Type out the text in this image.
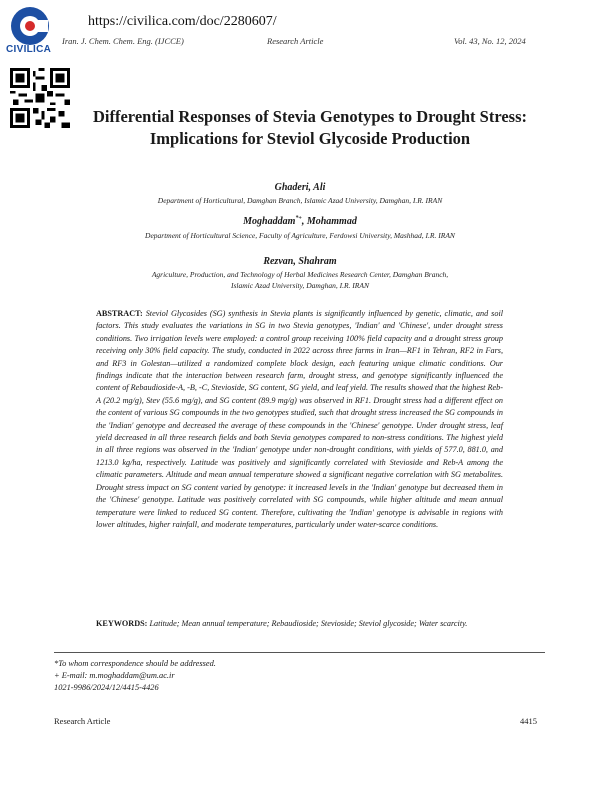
CIVILICA
https://civilica.com/doc/2280607/
Iran. J. Chem. Chem. Eng. (IJCCE)	Research Article	Vol. 43, No. 12, 2024
Differential Responses of Stevia Genotypes to Drought Stress:
Implications for Steviol Glycoside Production
Ghaderi, Ali
Department of Horticultural, Damghan Branch, Islamic Azad University, Damghan, I.R. IRAN
Moghaddam*+, Mohammad
Department of Horticultural Science, Faculty of Agriculture, Ferdowsi University, Mashhad, I.R. IRAN
Rezvan, Shahram
Agriculture, Production, and Technology of Herbal Medicines Research Center, Damghan Branch,
Islamic Azad University, Damghan, I.R. IRAN
ABSTRACT: Steviol Glycosides (SG) synthesis in Stevia plants is significantly influenced by genetic, climatic, and soil factors. This study evaluates the variations in SG in two Stevia genotypes, 'Indian' and 'Chinese', under drought stress conditions. Two irrigation levels were employed: a control group receiving 100% field capacity and a drought stress group receiving only 30% field capacity. The study, conducted in 2022 across three farms in Iran—RF1 in Tehran, RF2 in Fars, and RF3 in Golestan—utilized a randomized complete block design, each featuring unique climatic conditions. Our findings indicate that the interaction between research farm, drought stress, and genotype significantly influenced the content of Rebaudioside-A, -B, -C, Stevioside, SG content, SG yield, and leaf yield. The results showed that the highest Reb-A (20.2 mg/g), Stev (55.6 mg/g), and SG content (89.9 mg/g) was observed in RF1. Drought stress had a different effect on the content of various SG compounds in the two genotypes studied, such that drought stress increased the SG compounds in the 'Indian' genotype and decreased the average of these compounds in the 'Chinese' genotype. Under drought stress, leaf yield decreased in all three research fields and both Stevia genotypes compared to non-stress conditions. The highest yield in all three regions was observed in the 'Indian' genotype under non-drought conditions, with yields of 577.0, 881.0, and 1213.0 kg/ha, respectively. Latitude was positively and significantly correlated with Stevioside and Reb-A among the climatic parameters. Altitude and mean annual temperature showed a significant negative correlation with SG metabolites. Drought stress impact on SG content varied by genotype: it increased levels in the 'Indian' genotype but decreased them in the 'Chinese' genotype. Latitude was positively correlated with SG compounds, while higher altitude and mean annual temperature were linked to reduced SG content. Therefore, cultivating the 'Indian' genotype is advisable in regions with lower altitudes, higher rainfall, and moderate temperatures, particularly under water-scarce conditions.
KEYWORDS: Latitude; Mean annual temperature; Rebaudioside; Stevioside; Steviol glycoside; Water scarcity.
*To whom correspondence should be addressed.
+ E-mail: m.moghaddam@um.ac.ir
1021-9986/2024/12/4415-4426
Research Article	4415
